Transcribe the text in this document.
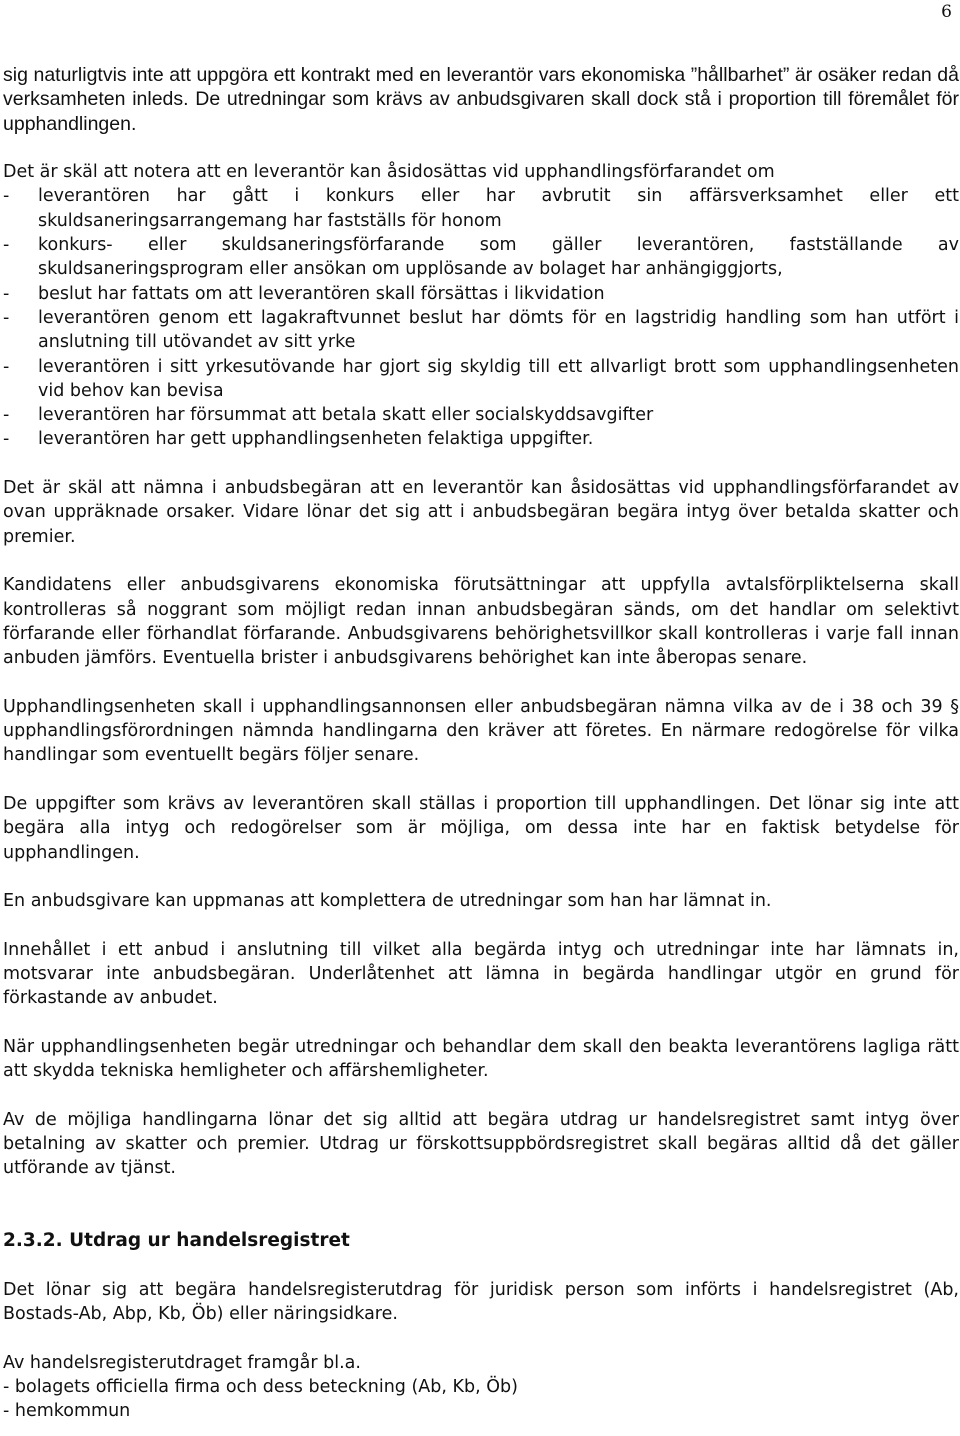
6

sig naturligtvis inte att uppgöra ett kontrakt med en leverantör vars ekonomiska ”hållbarhet” är osäker redan då verksamheten inleds. De utredningar som krävs av anbudsgivaren skall dock stå i proportion till föremålet för upphandlingen.

Det är skäl att notera att en leverantör kan åsidosättas vid upphandlingsförfarandet om

- leverantören har gått i konkurs eller har avbrutit sin affärsverksamhet eller ett skuldsaneringsarrangemang har fastställs för honom
- konkurs- eller skuldsaneringsförfarande som gäller leverantören, fastställande av skuldsaneringsprogram eller ansökan om upplösande av bolaget har anhängiggjorts,
- beslut har fattats om att leverantören skall försättas i likvidation
- leverantören genom ett lagakraftvunnet beslut har dömts för en lagstridig handling som han utfört i anslutning till utövandet av sitt yrke
- leverantören i sitt yrkesutövande har gjort sig skyldig till ett allvarligt brott som upphandlingsenheten vid behov kan bevisa
- leverantören har försummat att betala skatt eller socialskyddsavgifter
- leverantören har gett upphandlingsenheten felaktiga uppgifter.

Det är skäl att nämna i anbudsbegäran att en leverantör kan åsidosättas vid upphandlingsförfarandet av ovan uppräknade orsaker. Vidare lönar det sig att i anbudsbegäran begära intyg över betalda skatter och premier.

Kandidatens eller anbudsgivarens ekonomiska förutsättningar att uppfylla avtalsförpliktelserna skall kontrolleras så noggrant som möjligt redan innan anbudsbegäran sänds, om det handlar om selektivt förfarande eller förhandlat förfarande. Anbudsgivarens behörighetsvillkor skall kontrolleras i varje fall innan anbuden jämförs. Eventuella brister i anbudsgivarens behörighet kan inte åberopas senare.

Upphandlingsenheten skall i upphandlingsannonsen eller anbudsbegäran nämna vilka av de i 38 och 39 § upphandlingsförordningen nämnda handlingarna den kräver att företes. En närmare redogörelse för vilka handlingar som eventuellt begärs följer senare.

De uppgifter som krävs av leverantören skall ställas i proportion till upphandlingen. Det lönar sig inte att begära alla intyg och redogörelser som är möjliga, om dessa inte har en faktisk betydelse för upphandlingen.

En anbudsgivare kan uppmanas att komplettera de utredningar som han har lämnat in.

Innehållet i ett anbud i anslutning till vilket alla begärda intyg och utredningar inte har lämnats in, motsvarar inte anbudsbegäran. Underlåtenhet att lämna in begärda handlingar utgör en grund för förkastande av anbudet.

När upphandlingsenheten begär utredningar och behandlar dem skall den beakta leverantörens lagliga rätt att skydda tekniska hemligheter och affärshemligheter.

Av de möjliga handlingarna lönar det sig alltid att begära utdrag ur handelsregistret samt intyg över betalning av skatter och premier. Utdrag ur förskottsuppbördsregistret skall begäras alltid då det gäller utförande av tjänst.

2.3.2. Utdrag ur handelsregistret

Det lönar sig att begära handelsregisterutdrag för juridisk person som införts i handelsregistret (Ab, Bostads-Ab, Abp, Kb, Öb) eller näringsidkare.

Av handelsregisterutdraget framgår bl.a.
- bolagets officiella firma och dess beteckning (Ab, Kb, Öb)
- hemkommun
